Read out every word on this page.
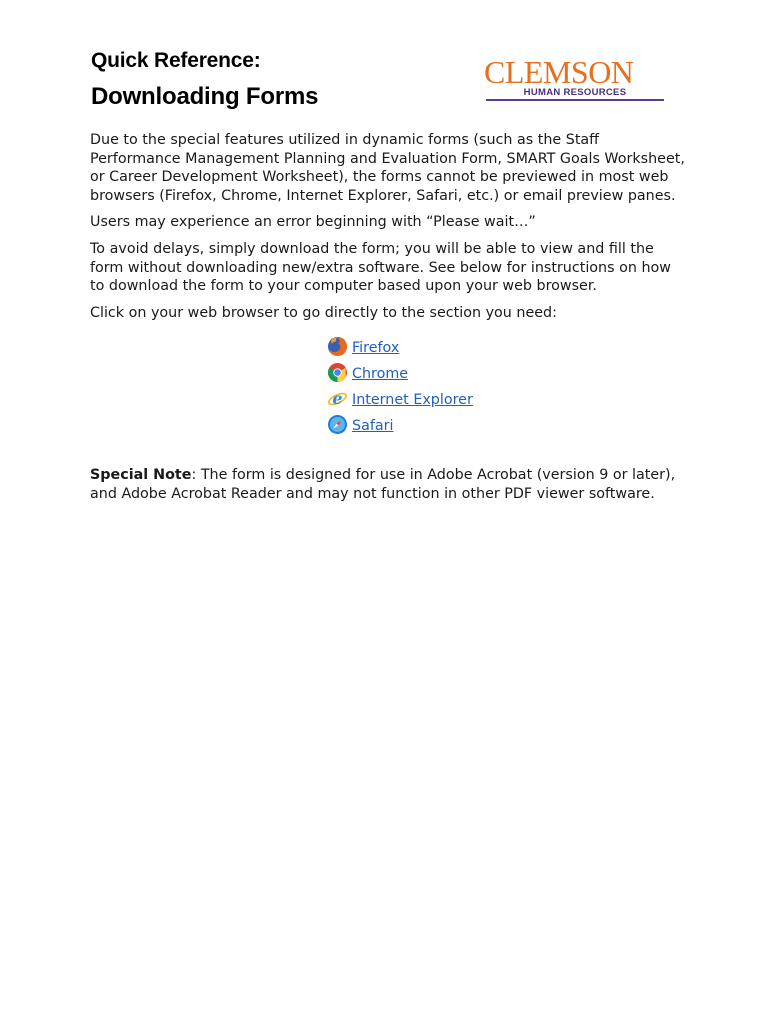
Quick Reference:
Downloading Forms
CLEMSON
HUMAN RESOURCES

Due to the special features utilized in dynamic forms (such as the Staff Performance Management Planning and Evaluation Form, SMART Goals Worksheet, or Career Development Worksheet), the forms cannot be previewed in most web browsers (Firefox, Chrome, Internet Explorer, Safari, etc.) or email preview panes.

Users may experience an error beginning with “Please wait…”

To avoid delays, simply download the form; you will be able to view and fill the form without downloading new/extra software. See below for instructions on how to download the form to your computer based upon your web browser.

Click on your web browser to go directly to the section you need:

Firefox
Chrome
e Internet Explorer
Safari
Special Note: The form is designed for use in Adobe Acrobat (version 9 or later), and Adobe Acrobat Reader and may not function in other PDF viewer software.
